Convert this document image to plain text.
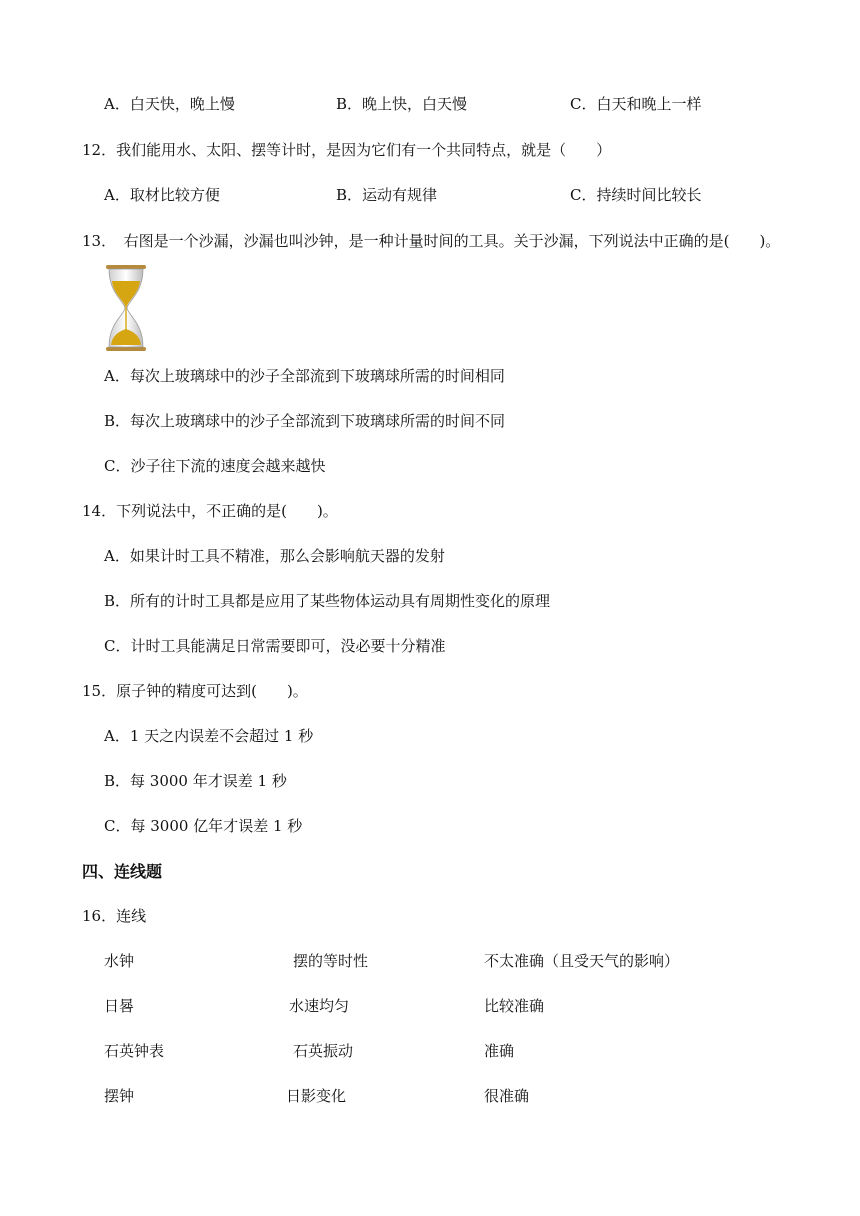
A．白天快，晚上慢	B．晚上快，白天慢	C．白天和晚上一样
12．我们能用水、太阳、摆等计时，是因为它们有一个共同特点，就是（　　）
A．取材比较方便	B．运动有规律	C．持续时间比较长
13．　右图是一个沙漏，沙漏也叫沙钟，是一种计量时间的工具。关于沙漏，下列说法中正确的是(　　)。
A．每次上玻璃球中的沙子全部流到下玻璃球所需的时间相同
B．每次上玻璃球中的沙子全部流到下玻璃球所需的时间不同
C．沙子往下流的速度会越来越快
14．下列说法中，不正确的是(　　)。
A．如果计时工具不精准，那么会影响航天器的发射
B．所有的计时工具都是应用了某些物体运动具有周期性变化的原理
C．计时工具能满足日常需要即可，没必要十分精准
15．原子钟的精度可达到(　　)。
A．1 天之内误差不会超过 1 秒
B．每 3000 年才误差 1 秒
C．每 3000 亿年才误差 1 秒
四、连线题
16．连线
水钟	摆的等时性	不太准确（且受天气的影响）
日晷	水速均匀	比较准确
石英钟表	石英振动	准确
摆钟	日影变化	很准确
